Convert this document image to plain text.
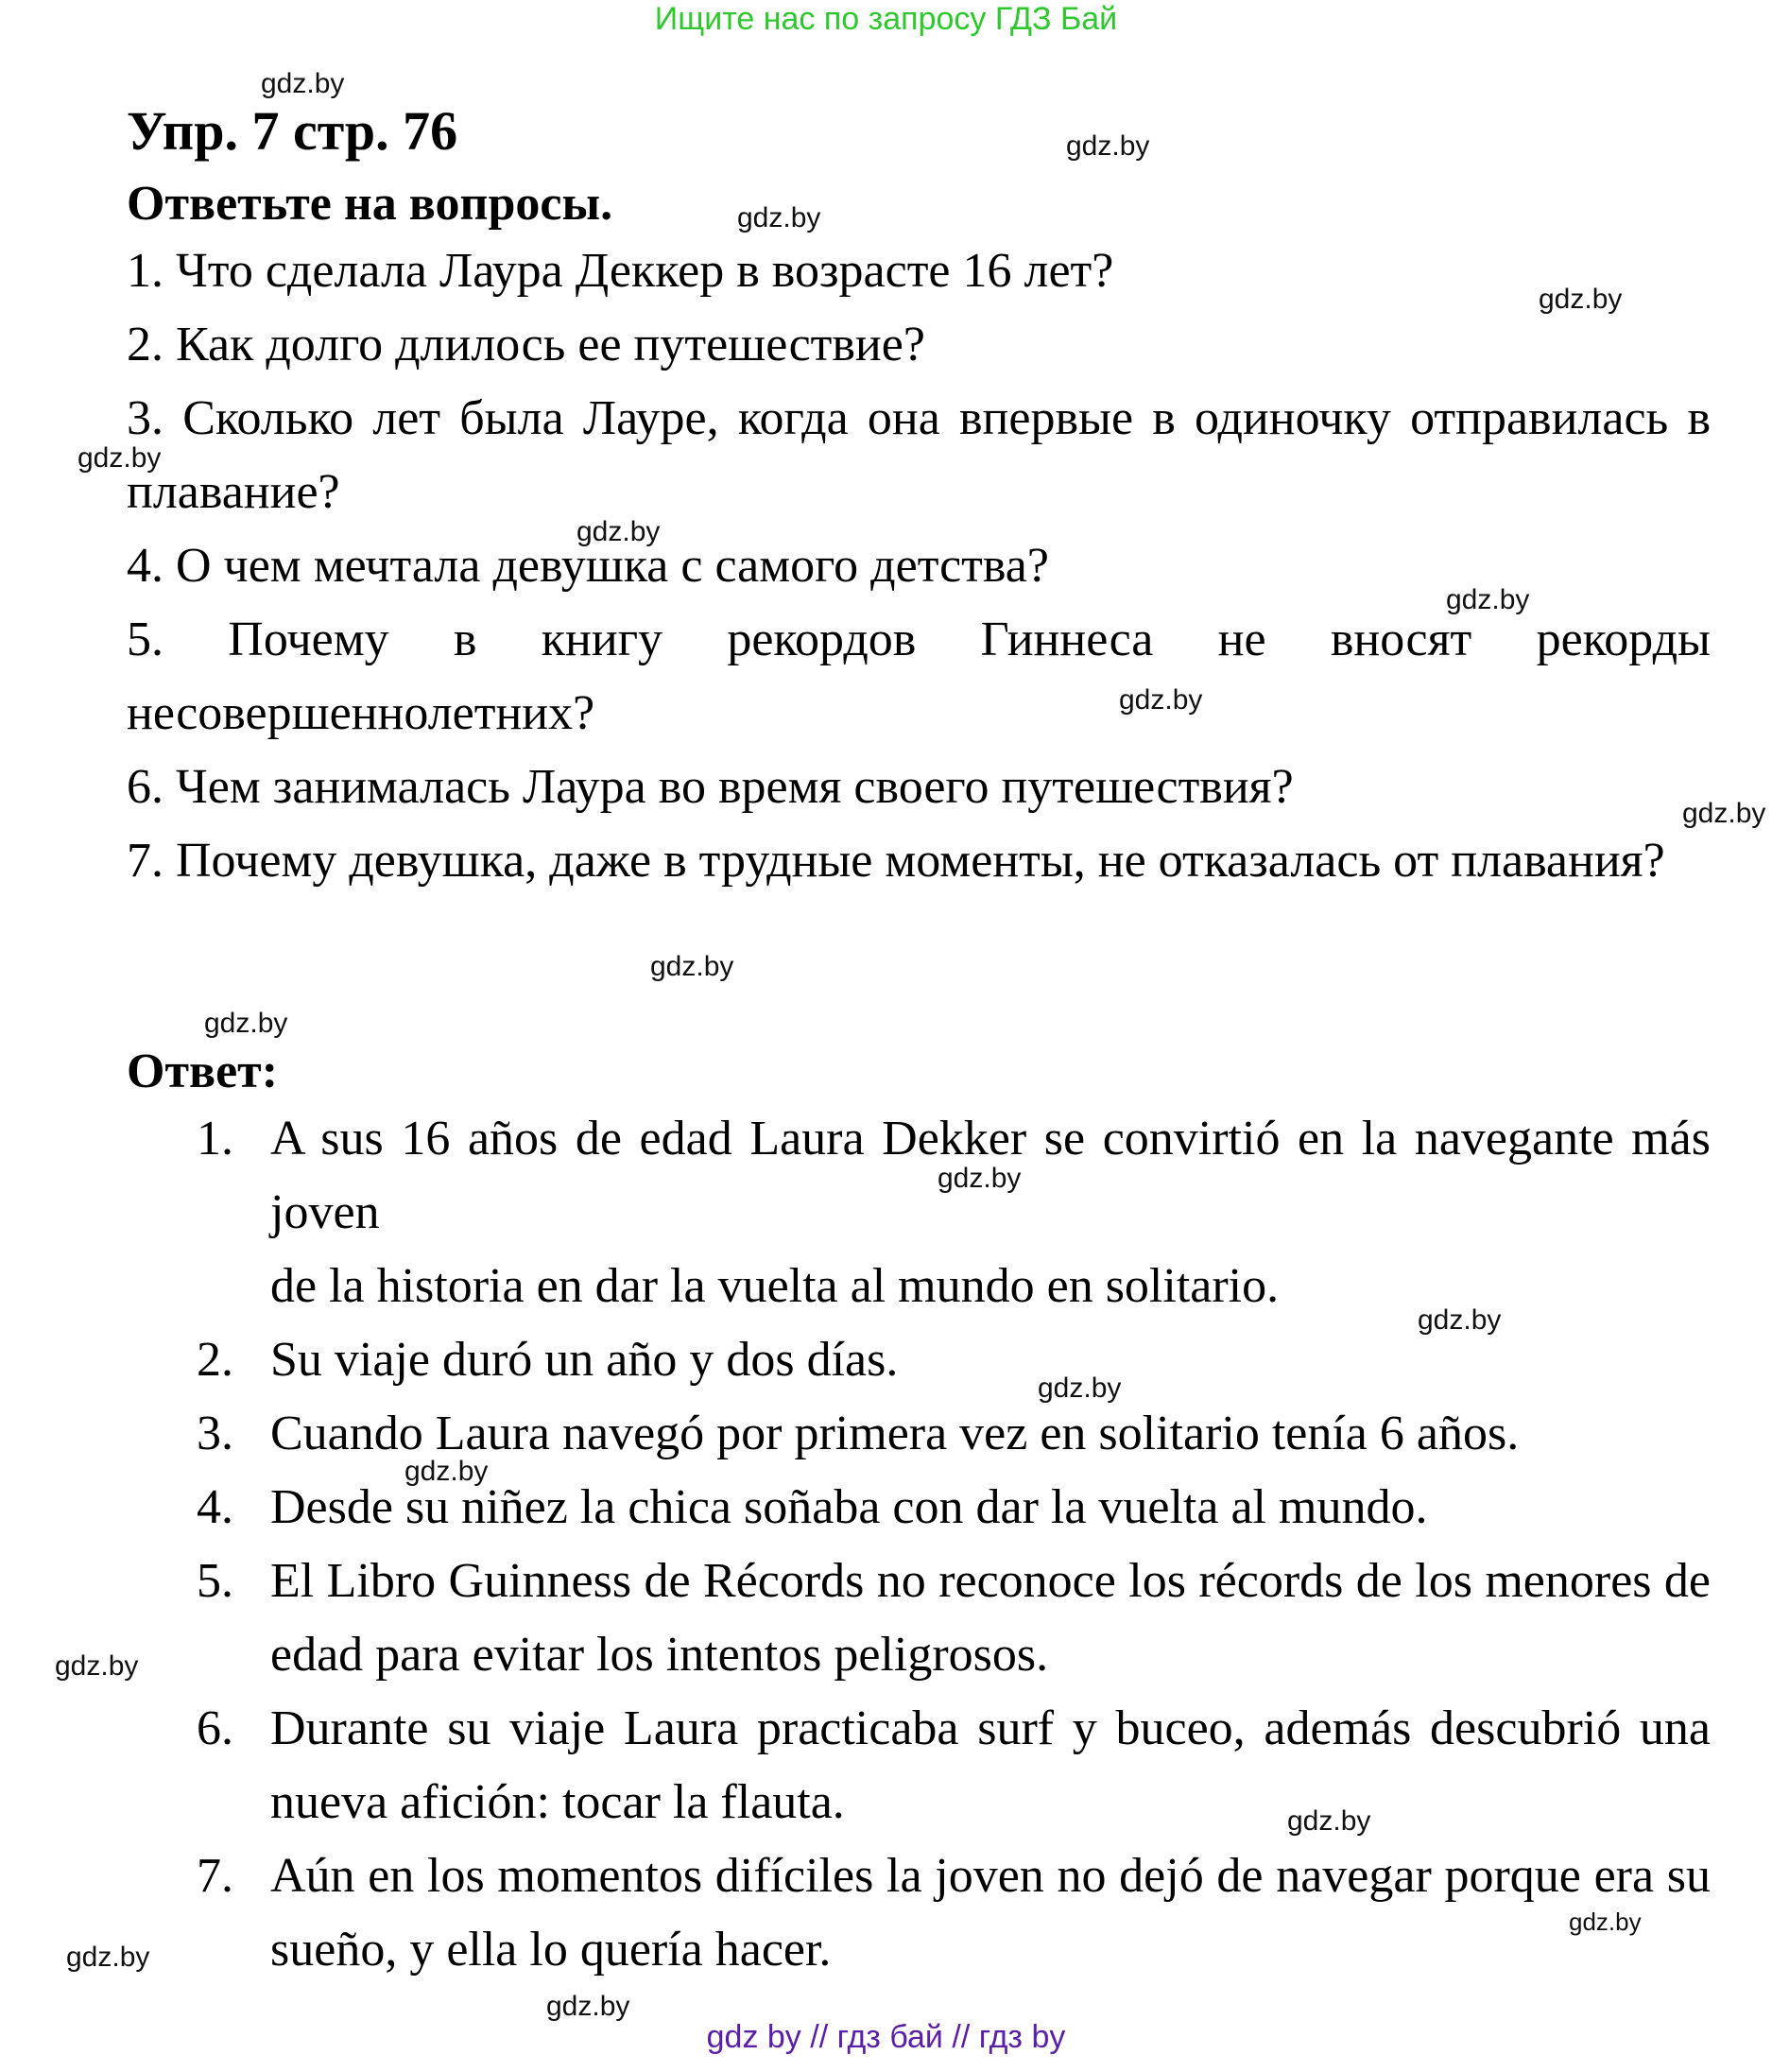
Ищите нас по запросу ГДЗ Бай
Упр. 7 стр. 76
Ответьте на вопросы.
1. Что сделала Лаура Деккер в возрасте 16 лет?
2. Как долго длилось ее путешествие?
3. Сколько лет была Лауре, когда она впервые в одиночку отправилась в плавание?
4. О чем мечтала девушка с самого детства?
5. Почему в книгу рекордов Гиннеса не вносят рекорды несовершеннолетних?
6. Чем занималась Лаура во время своего путешествия?
7. Почему девушка, даже в трудные моменты, не отказалась от плавания?
Ответ:
1. A sus 16 años de edad Laura Dekker se convirtió en la navegante más joven
de la historia en dar la vuelta al mundo en solitario.
2. Su viaje duró un año y dos días.
3. Cuando Laura navegó por primera vez en solitario tenía 6 años.
4. Desde su niñez la chica soñaba con dar la vuelta al mundo.
5. El Libro Guinness de Récords no reconoce los récords de los menores de edad para evitar los intentos peligrosos.
6. Durante su viaje Laura practicaba surf y buceo, además descubrió una nueva afición: tocar la flauta.
7. Aún en los momentos difíciles la joven no dejó de navegar porque era su sueño, y ella lo quería hacer.
gdz.by
gdz.by
gdz.by
gdz.by
gdz.by
gdz.by
gdz.by
gdz.by
gdz.by
gdz.by
gdz.by
gdz.by
gdz.by
gdz.by
gdz.by
gdz.by
gdz.by
gdz.by
gdz.by
gdz.by
gdz by // гдз бай // гдз by
